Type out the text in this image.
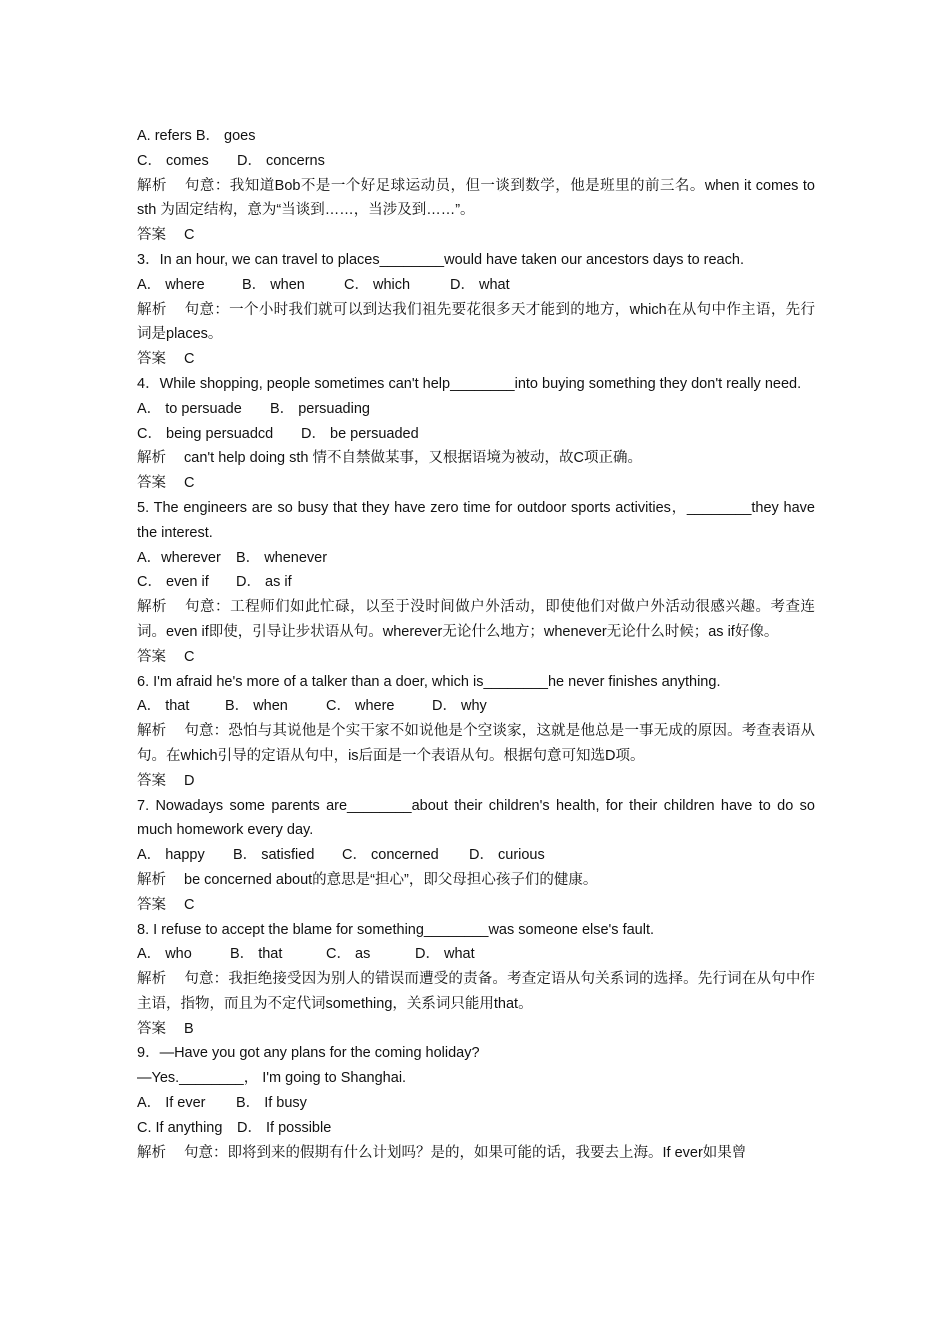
A. refers B． goes
C． comes	D． concerns
解析 句意：我知道Bob不是一个好足球运动员，但一谈到数学，他是班里的前三名。when it comes to sth 为固定结构，意为“当谈到……，当涉及到……”。
答案 C
3．In an hour, we can travel to places________would have taken our ancestors days to reach.
A． where	B． when	C． which	D． what
解析 句意：一个小时我们就可以到达我们祖先要花很多天才能到的地方，which在从句中作主语，先行词是places。
答案 C
4．While shopping, people sometimes can't help________into buying something they don't really need.
A． to persuade	B． persuading
C． being persuadcd	D． be persuaded
解析 can't help doing sth 情不自禁做某事，又根据语境为被动，故C项正确。
答案 C
5. The engineers are so busy that they have zero time for outdoor sports activities，________they have the interest.
A．wherever	B． whenever
C． even if	D． as if
解析 句意：工程师们如此忙碌，以至于没时间做户外活动，即使他们对做户外活动很感兴趣。考查连词。even if即使，引导让步状语从句。wherever无论什么地方；whenever无论什么时候；as if好像。
答案 C
6. I'm afraid he's more of a talker than a doer, which is________he never finishes anything.
A． that	B． when	C． where	D． why
解析 句意：恐怕与其说他是个实干家不如说他是个空谈家，这就是他总是一事无成的原因。考查表语从句。在which引导的定语从句中，is后面是一个表语从句。根据句意可知选D项。
答案 D
7. Nowadays some parents are________about their children's health, for their children have to do so much homework every day.
A． happy	B． satisfied	C． concerned	D． curious
解析 be concerned about的意思是“担心”，即父母担心孩子们的健康。
答案 C
8. I refuse to accept the blame for something________was someone else's fault.
A． who	B． that	C． as	D． what
解析 句意：我拒绝接受因为别人的错误而遭受的责备。考查定语从句关系词的选择。先行词在从句中作主语，指物，而且为不定代词something，关系词只能用that。
答案 B
9．—Have you got any plans for the coming holiday?
—Yes.________， I'm going to Shanghai.
A． If ever	B． If busy
C. If anything	D． If possible
解析 句意：即将到来的假期有什么计划吗？是的，如果可能的话，我要去上海。If ever如果曾
